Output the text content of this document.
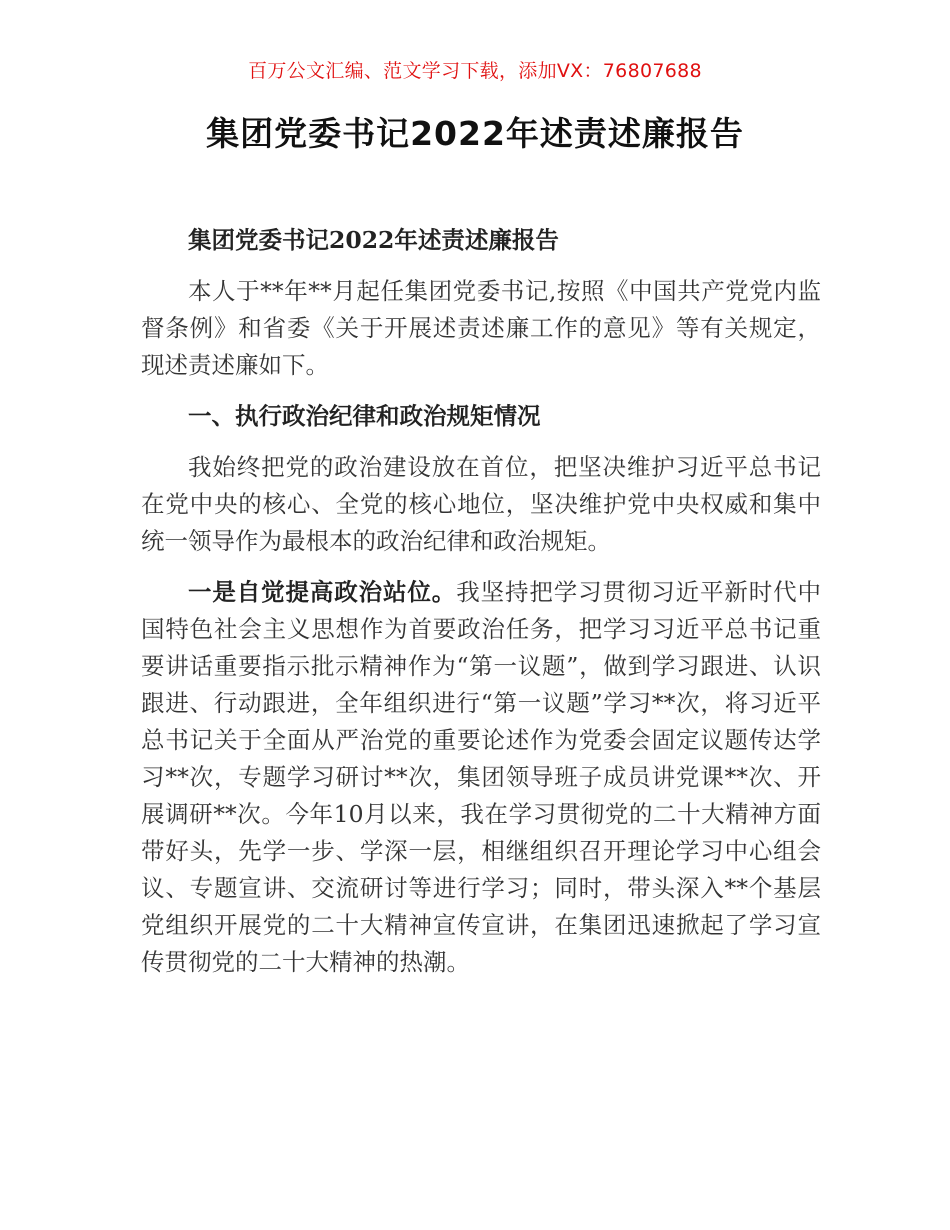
百万公文汇编、范文学习下载，添加VX：76807688
集团党委书记2022年述责述廉报告

集团党委书记2022年述责述廉报告

本人于**年**月起任集团党委书记,按照《中国共产党党内监督条例》和省委《关于开展述责述廉工作的意见》等有关规定，现述责述廉如下。

一、执行政治纪律和政治规矩情况

我始终把党的政治建设放在首位，把坚决维护习近平总书记在党中央的核心、全党的核心地位，坚决维护党中央权威和集中统一领导作为最根本的政治纪律和政治规矩。

一是自觉提高政治站位。我坚持把学习贯彻习近平新时代中国特色社会主义思想作为首要政治任务，把学习习近平总书记重要讲话重要指示批示精神作为“第一议题”，做到学习跟进、认识跟进、行动跟进，全年组织进行“第一议题”学习**次，将习近平总书记关于全面从严治党的重要论述作为党委会固定议题传达学习**次，专题学习研讨**次，集团领导班子成员讲党课**次、开展调研**次。今年10月以来，我在学习贯彻党的二十大精神方面带好头，先学一步、学深一层，相继组织召开理论学习中心组会议、专题宣讲、交流研讨等进行学习；同时，带头深入**个基层党组织开展党的二十大精神宣传宣讲，在集团迅速掀起了学习宣传贯彻党的二十大精神的热潮。
